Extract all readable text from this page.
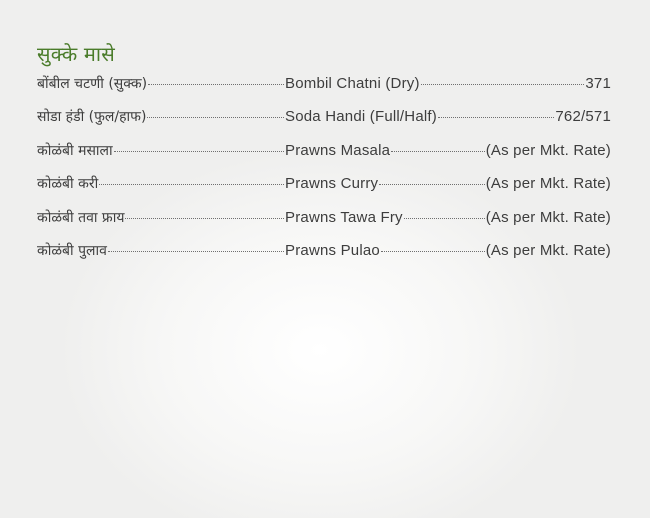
सुक्के मासे
बोंबील चटणी (सुक्क)	Bombil Chatni (Dry)	371
सोडा हंडी (फुल/हाफ)	Soda Handi (Full/Half)	762/571
कोळंबी मसाला	Prawns Masala	(As per Mkt. Rate)
कोळंबी करी	Prawns Curry	(As per Mkt. Rate)
कोळंबी तवा फ्राय	Prawns Tawa Fry	(As per Mkt. Rate)
कोळंबी पुलाव	Prawns Pulao	(As per Mkt. Rate)
